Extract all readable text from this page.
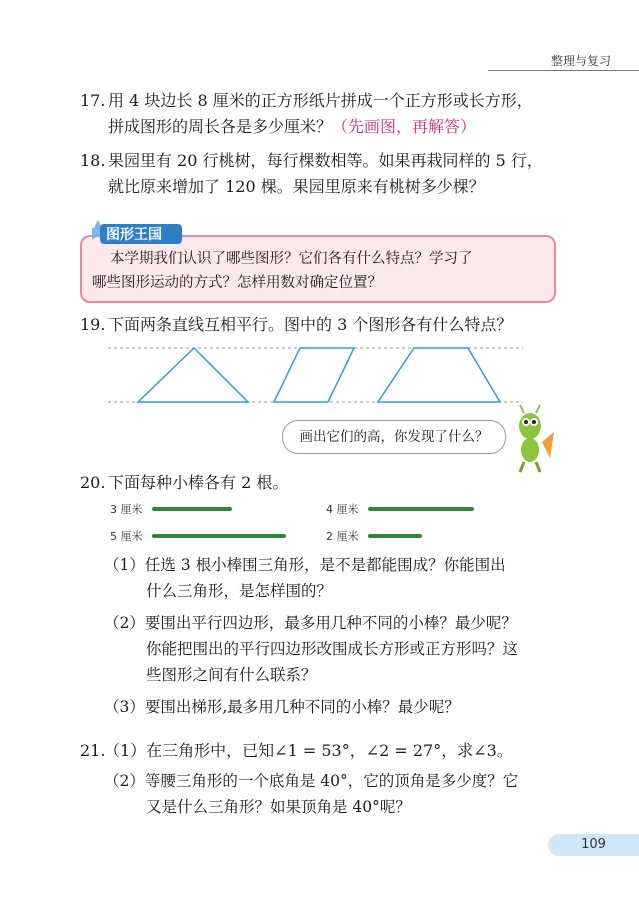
整理与复习
17. 用 4 块边长 8 厘米的正方形纸片拼成一个正方形或长方形，
拼成图形的周长各是多少厘米？（先画图，再解答）
18. 果园里有 20 行桃树，每行棵数相等。如果再栽同样的 5 行，
就比原来增加了 120 棵。果园里原来有桃树多少棵？
图形王国
本学期我们认识了哪些图形？它们各有什么特点？学习了
哪些图形运动的方式？怎样用数对确定位置？
19. 下面两条直线互相平行。图中的 3 个图形各有什么特点？
画出它们的高，你发现了什么？
20. 下面每种小棒各有 2 根。
3 厘米	4 厘米
5 厘米	2 厘米
（1）任选 3 根小棒围三角形，是不是都能围成？你能围出
什么三角形，是怎样围的？
（2）要围出平行四边形，最多用几种不同的小棒？最少呢？
你能把围出的平行四边形改围成长方形或正方形吗？这
些图形之间有什么联系？
（3）要围出梯形,最多用几种不同的小棒？最少呢？
21.（1）在三角形中，已知∠1 = 53°，∠2 = 27°，求∠3。
（2）等腰三角形的一个底角是 40°，它的顶角是多少度？它
又是什么三角形？如果顶角是 40°呢？
109
